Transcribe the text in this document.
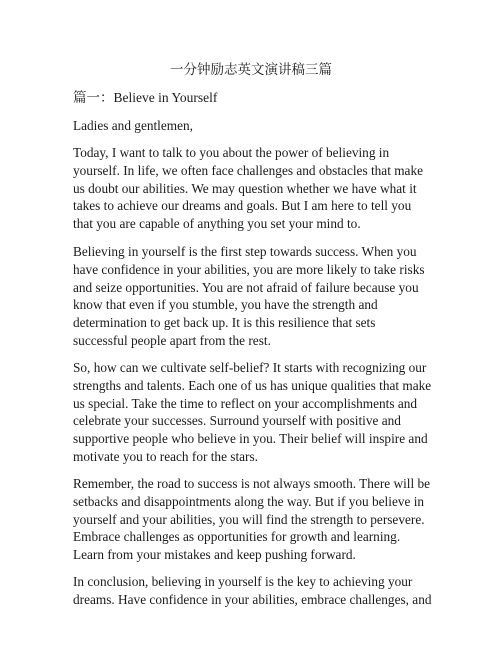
一分钟励志英文演讲稿三篇
篇一：Believe in Yourself

Ladies and gentlemen,

Today, I want to talk to you about the power of believing in

yourself. In life, we often face challenges and obstacles that make

us doubt our abilities. We may question whether we have what it

takes to achieve our dreams and goals. But I am here to tell you

that you are capable of anything you set your mind to.

Believing in yourself is the first step towards success. When you

have confidence in your abilities, you are more likely to take risks

and seize opportunities. You are not afraid of failure because you

know that even if you stumble, you have the strength and

determination to get back up. It is this resilience that sets

successful people apart from the rest.

So, how can we cultivate self-belief? It starts with recognizing our

strengths and talents. Each one of us has unique qualities that make

us special. Take the time to reflect on your accomplishments and

celebrate your successes. Surround yourself with positive and

supportive people who believe in you. Their belief will inspire and

motivate you to reach for the stars.

Remember, the road to success is not always smooth. There will be

setbacks and disappointments along the way. But if you believe in

yourself and your abilities, you will find the strength to persevere.

Embrace challenges as opportunities for growth and learning.

Learn from your mistakes and keep pushing forward.

In conclusion, believing in yourself is the key to achieving your

dreams. Have confidence in your abilities, embrace challenges, and
